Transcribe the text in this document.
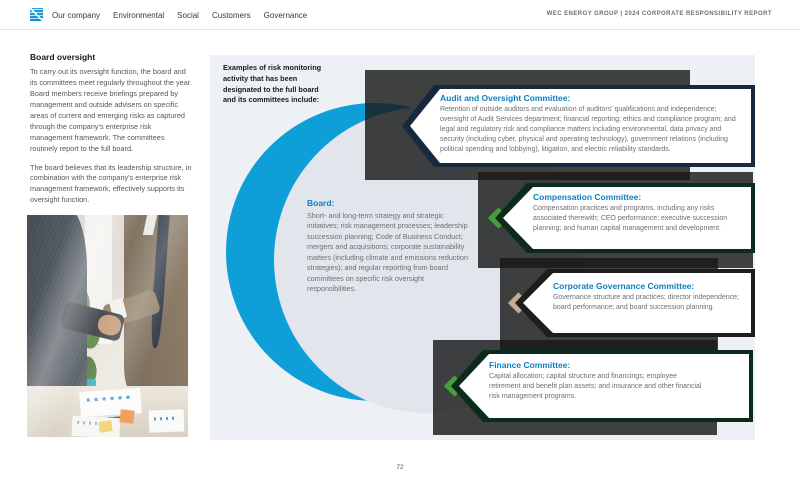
Our company Environmental Social Customers Governance	WEC ENERGY GROUP | 2024 CORPORATE RESPONSIBILITY REPORT
Board oversight

To carry out its oversight function, the board and its committees meet regularly throughout the year. Board members receive briefings prepared by management and outside advisers on specific areas of current and emerging risks as captured through the company's enterprise risk management framework. The committees routinely report to the full board.

The board believes that its leadership structure, in combination with the company's enterprise risk management framework, effectively supports its oversight function.

Examples of risk monitoring activity that has been designated to the full board and its committees include:
Board:

Short- and long-term strategy and strategic initiatives; risk management processes; leadership succession planning; Code of Business Conduct; mergers and acquisitions; corporate sustainability matters (including climate and emissions reduction strategies); and regular reporting from board committees on specific risk oversight responsibilities.

Audit and Oversight Committee:

Retention of outside auditors and evaluation of auditors' qualifications and independence; oversight of Audit Services department; financial reporting; ethics and compliance program; and legal and regulatory risk and compliance matters including environmental, data privacy and security (including cyber, physical and operating technology), government relations (including political spending and lobbying), litigation, and electric reliability standards.

Compensation Committee:

Compensation practices and programs, including any risks associated therewith; CEO performance; executive succession planning; and human capital management and development.

Corporate Governance Committee:

Governance structure and practices; director independence; board performance; and board succession planning.

Finance Committee:

Capital allocation; capital structure and financings; employee retirement and benefit plan assets; and insurance and other financial risk management programs.

72
